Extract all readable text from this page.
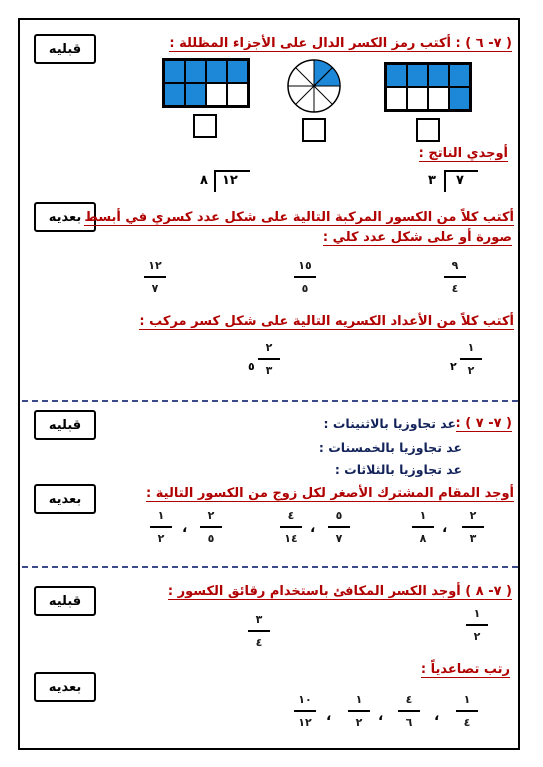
قبليه	( ٧- ٦ ) : أكتب رمز الكسر الدال على الأجزاء المظللة :
أوجدي الناتج :
٨ ١٢	٣ ٧
بعديه أكتب كلاً من الكسور المركبة التالية على شكل عدد كسري في أبسط
صورة أو على شكل عدد كلي :
٩
٤
١٥
٥
١٢
٧
أكتب كلاً من الأعداد الكسريه التالية على شكل كسر مركب :
٢
١
٢
٥
٢
٣
قبليه	( ٧- ٧ ) :
عد تجاوزيا بالاثنينات :
عد تجاوزيا بالخمسنات :
عد تجاوزيا بالثلاثات :
بعديه	أوجد المقام المشترك الأصغر لكل زوج من الكسور التالية :
٢
٣
،
١
٨
٥
٧
،
٤
١٤
٢
٥
،
١
٢
قبليه
( ٧- ٨ ) أوجد الكسر المكافئ باستخدام رقائق الكسور :
١
٢
٣
٤
رتب تصاعدياً :
بعديه
١
٤
،
٤
٦
،
١
٢
،
١٠
١٢
